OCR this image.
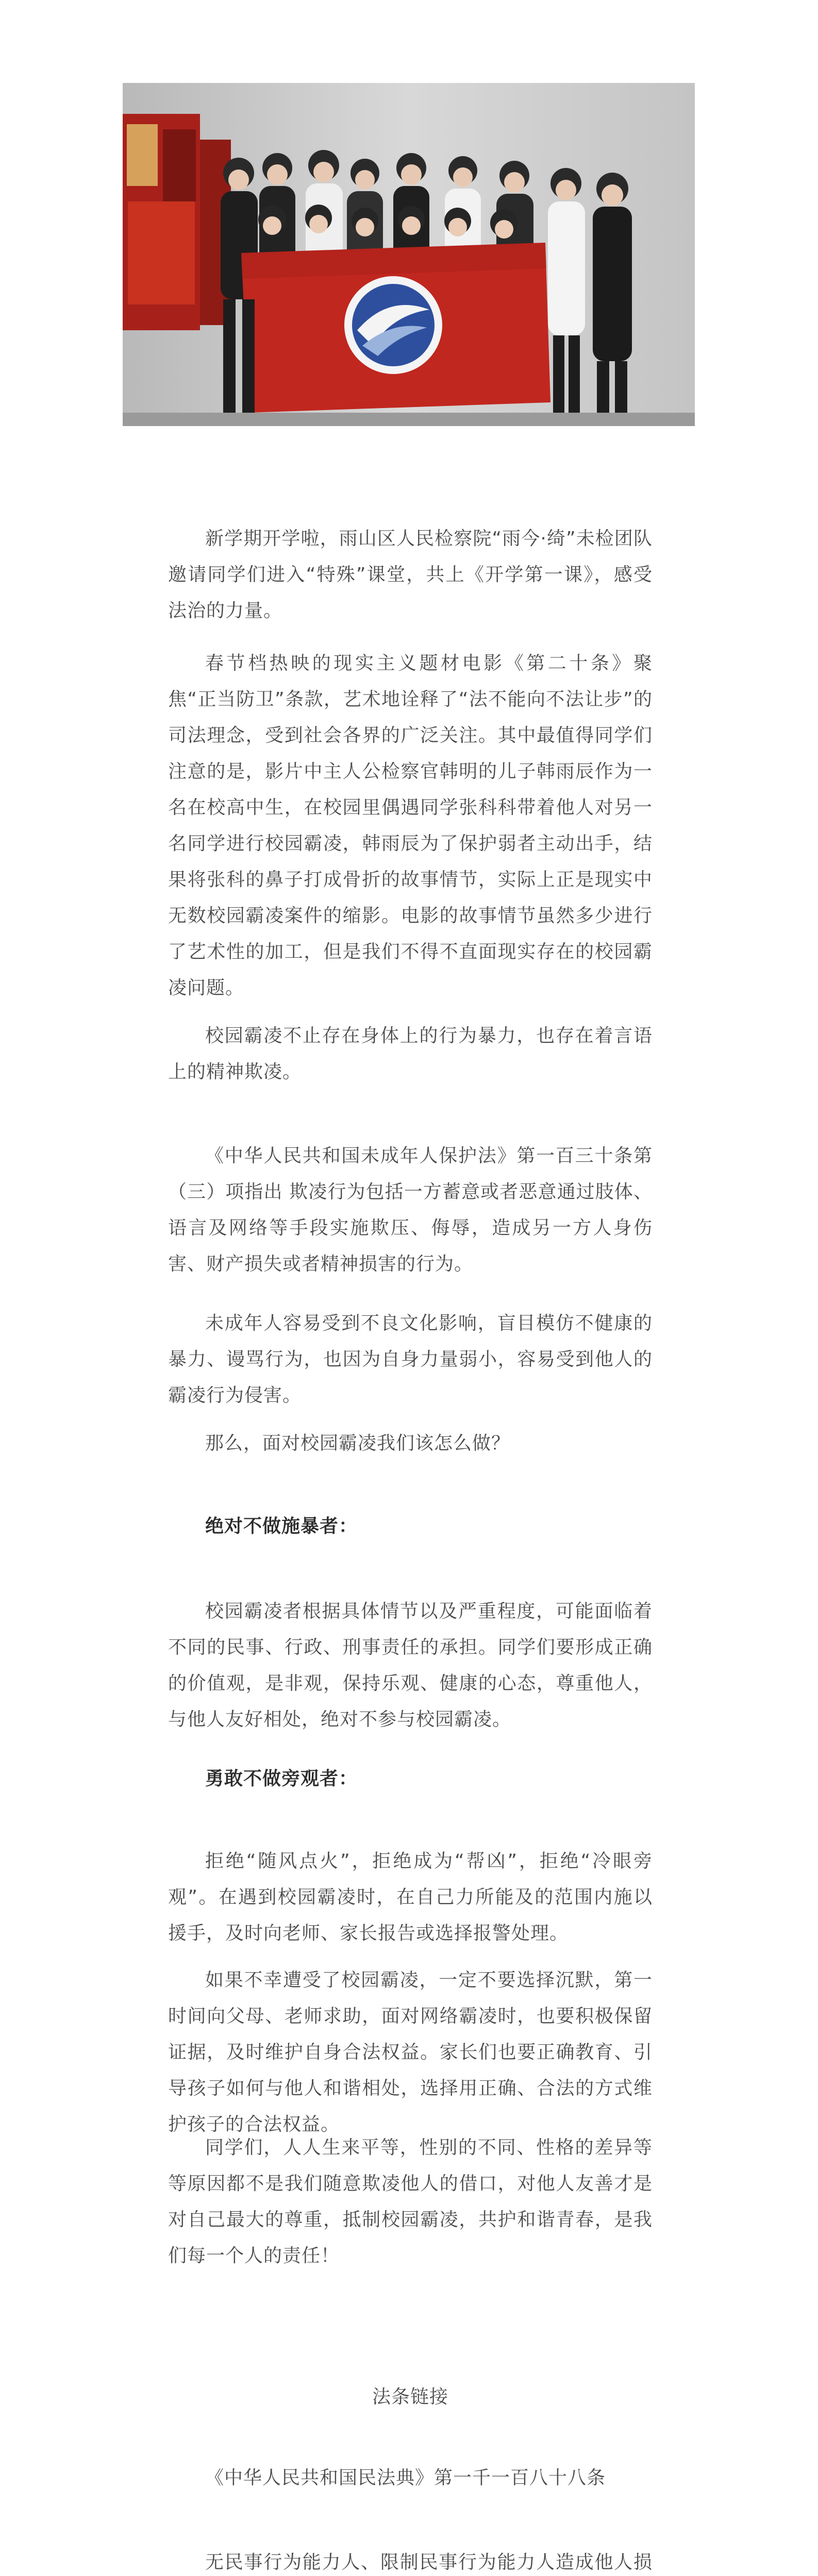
新学期开学啦，雨山区人民检察院“雨今·绮”未检团队邀请同学们进入“特殊”课堂，共上《开学第一课》，感受法治的力量。

春节档热映的现实主义题材电影《第二十条》聚焦“正当防卫”条款，艺术地诠释了“法不能向不法让步”的司法理念，受到社会各界的广泛关注。其中最值得同学们注意的是，影片中主人公检察官韩明的儿子韩雨辰作为一名在校高中生，在校园里偶遇同学张科科带着他人对另一名同学进行校园霸凌，韩雨辰为了保护弱者主动出手，结果将张科的鼻子打成骨折的故事情节，实际上正是现实中无数校园霸凌案件的缩影。电影的故事情节虽然多少进行了艺术性的加工，但是我们不得不直面现实存在的校园霸凌问题。

校园霸凌不止存在身体上的行为暴力，也存在着言语上的精神欺凌。

《中华人民共和国未成年人保护法》第一百三十条第（三）项指出 欺凌行为包括一方蓄意或者恶意通过肢体、语言及网络等手段实施欺压、侮辱，造成另一方人身伤害、财产损失或者精神损害的行为。

未成年人容易受到不良文化影响，盲目模仿不健康的暴力、谩骂行为，也因为自身力量弱小，容易受到他人的霸凌行为侵害。

那么，面对校园霸凌我们该怎么做？

绝对不做施暴者：

校园霸凌者根据具体情节以及严重程度，可能面临着不同的民事、行政、刑事责任的承担。同学们要形成正确的价值观，是非观，保持乐观、健康的心态，尊重他人，与他人友好相处，绝对不参与校园霸凌。

勇敢不做旁观者：

拒绝“随风点火”，拒绝成为“帮凶”，拒绝“冷眼旁观”。在遇到校园霸凌时，在自己力所能及的范围内施以援手，及时向老师、家长报告或选择报警处理。

如果不幸遭受了校园霸凌，一定不要选择沉默，第一时间向父母、老师求助，面对网络霸凌时，也要积极保留证据，及时维护自身合法权益。家长们也要正确教育、引导孩子如何与他人和谐相处，选择用正确、合法的方式维护孩子的合法权益。

同学们，人人生来平等，性别的不同、性格的差异等等原因都不是我们随意欺凌他人的借口，对他人友善才是对自己最大的尊重，抵制校园霸凌，共护和谐青春，是我们每一个人的责任！

法条链接

《中华人民共和国民法典》第一千一百八十八条

无民事行为能力人、限制民事行为能力人造成他人损
